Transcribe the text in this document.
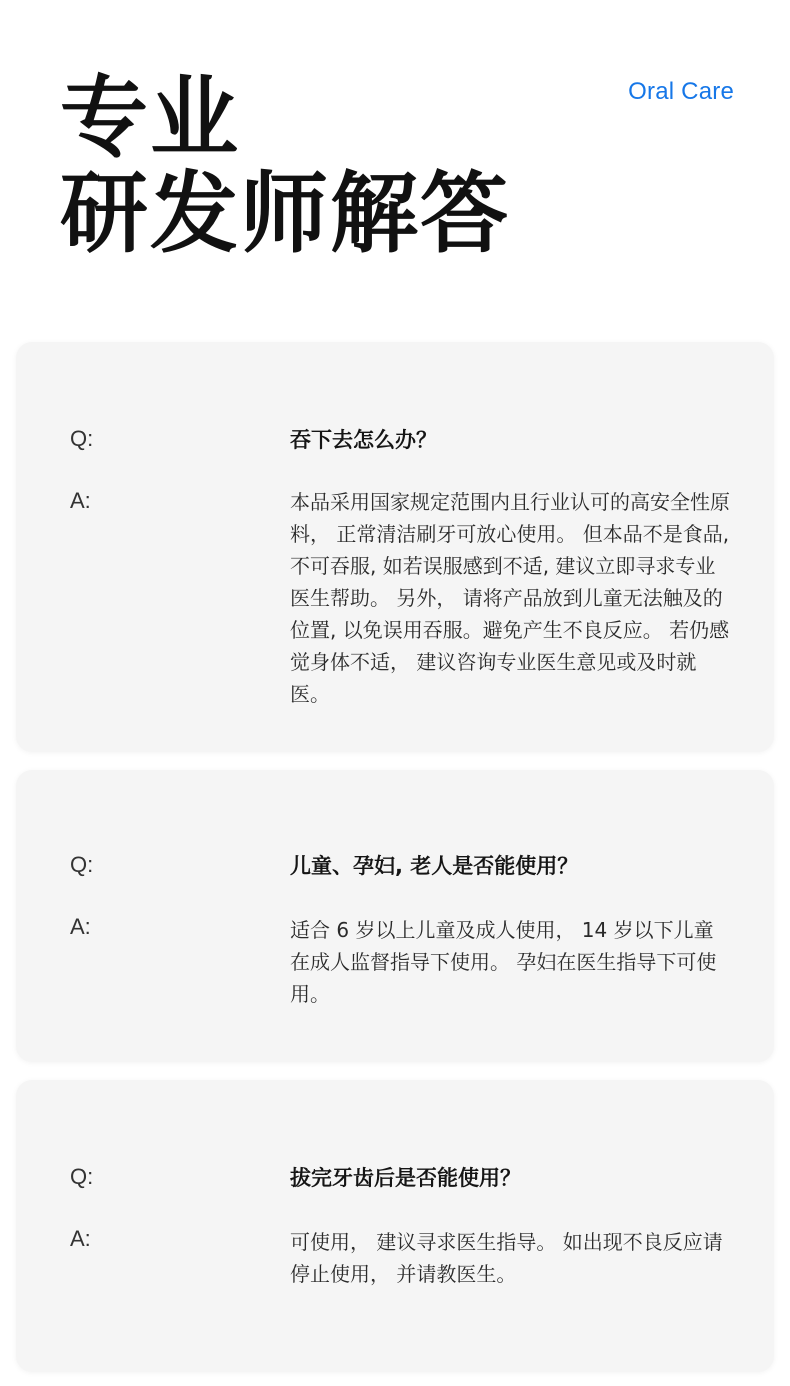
Oral Care
专业
研发师解答
Q:	吞下去怎么办？
A:	本品采用国家规定范围内且行业认可的高安全性原料， 正常清洁刷牙可放心使用。 但本品不是食品, 不可吞服, 如若误服感到不适, 建议立即寻求专业医生帮助。 另外， 请将产品放到儿童无法触及的位置, 以免误用吞服。避免产生不良反应。 若仍感觉身体不适， 建议咨询专业医生意见或及时就医。
Q:	儿童、孕妇, 老人是否能使用？
A:	适合 6 岁以上儿童及成人使用， 14 岁以下儿童在成人监督指导下使用。 孕妇在医生指导下可使用。
Q:	拔完牙齿后是否能使用？
A:	可使用， 建议寻求医生指导。 如出现不良反应请停止使用， 并请教医生。
